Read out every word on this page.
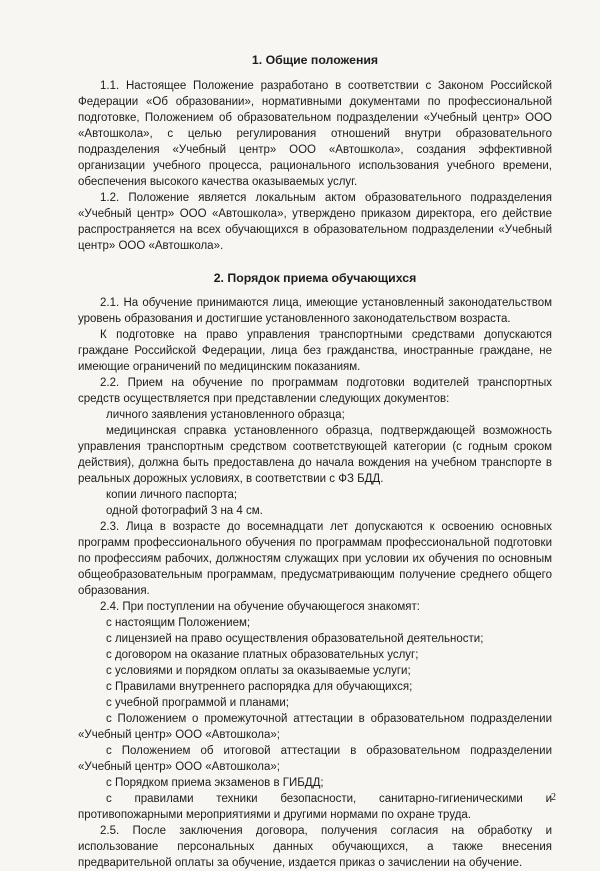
1. Общие положения

1.1. Настоящее Положение разработано в соответствии с Законом Российской Федерации «Об образовании», нормативными документами по профессиональной подготовке, Положением об образовательном подразделении «Учебный центр» ООО «Автошкола», с целью регулирования отношений внутри образовательного подразделения «Учебный центр» ООО «Автошкола», создания эффективной организации учебного процесса, рационального использования учебного времени, обеспечения высокого качества оказываемых услуг.

1.2. Положение является локальным актом образовательного подразделения «Учебный центр» ООО «Автошкола», утверждено приказом директора, его действие распространяется на всех обучающихся в образовательном подразделении «Учебный центр» ООО «Автошкола».

2. Порядок приема обучающихся

2.1. На обучение принимаются лица, имеющие установленный законодательством уровень образования и достигшие установленного законодательством возраста.

К подготовке на право управления транспортными средствами допускаются граждане Российской Федерации, лица без гражданства, иностранные граждане, не имеющие ограничений по медицинским показаниям.

2.2. Прием на обучение по программам подготовки водителей транспортных средств осуществляется при представлении следующих документов:

личного заявления установленного образца;

медицинская справка установленного образца, подтверждающей возможность управления транспортным средством соответствующей категории (с годным сроком действия), должна быть предоставлена до начала вождения на учебном транспорте в реальных дорожных условиях, в соответствии с ФЗ БДД.

копии личного паспорта;

одной фотографий 3 на 4 см.

2.3. Лица в возрасте до восемнадцати лет допускаются к освоению основных программ профессионального обучения по программам профессиональной подготовки по профессиям рабочих, должностям служащих при условии их обучения по основным общеобразовательным программам, предусматривающим получение среднего общего образования.

2.4. При поступлении на обучение обучающегося знакомят:

с настоящим Положением;

с лицензией на право осуществления образовательной деятельности;

с договором на оказание платных образовательных услуг;

с условиями и порядком оплаты за оказываемые услуги;

с Правилами внутреннего распорядка для обучающихся;

с учебной программой и планами;

с Положением о промежуточной аттестации в образовательном подразделении «Учебный центр» ООО «Автошкола»;

с Положением об итоговой аттестации в образовательном подразделении «Учебный центр» ООО «Автошкола»;

с Порядком приема экзаменов в ГИБДД;

с правилами техники безопасности, санитарно-гигиеническими и противопожарными мероприятиями и другими нормами по охране труда.

2.5. После заключения договора, получения согласия на обработку и использование персональных данных обучающихся, а также внесения предварительной оплаты за обучение, издается приказ о зачислении на обучение.

2
